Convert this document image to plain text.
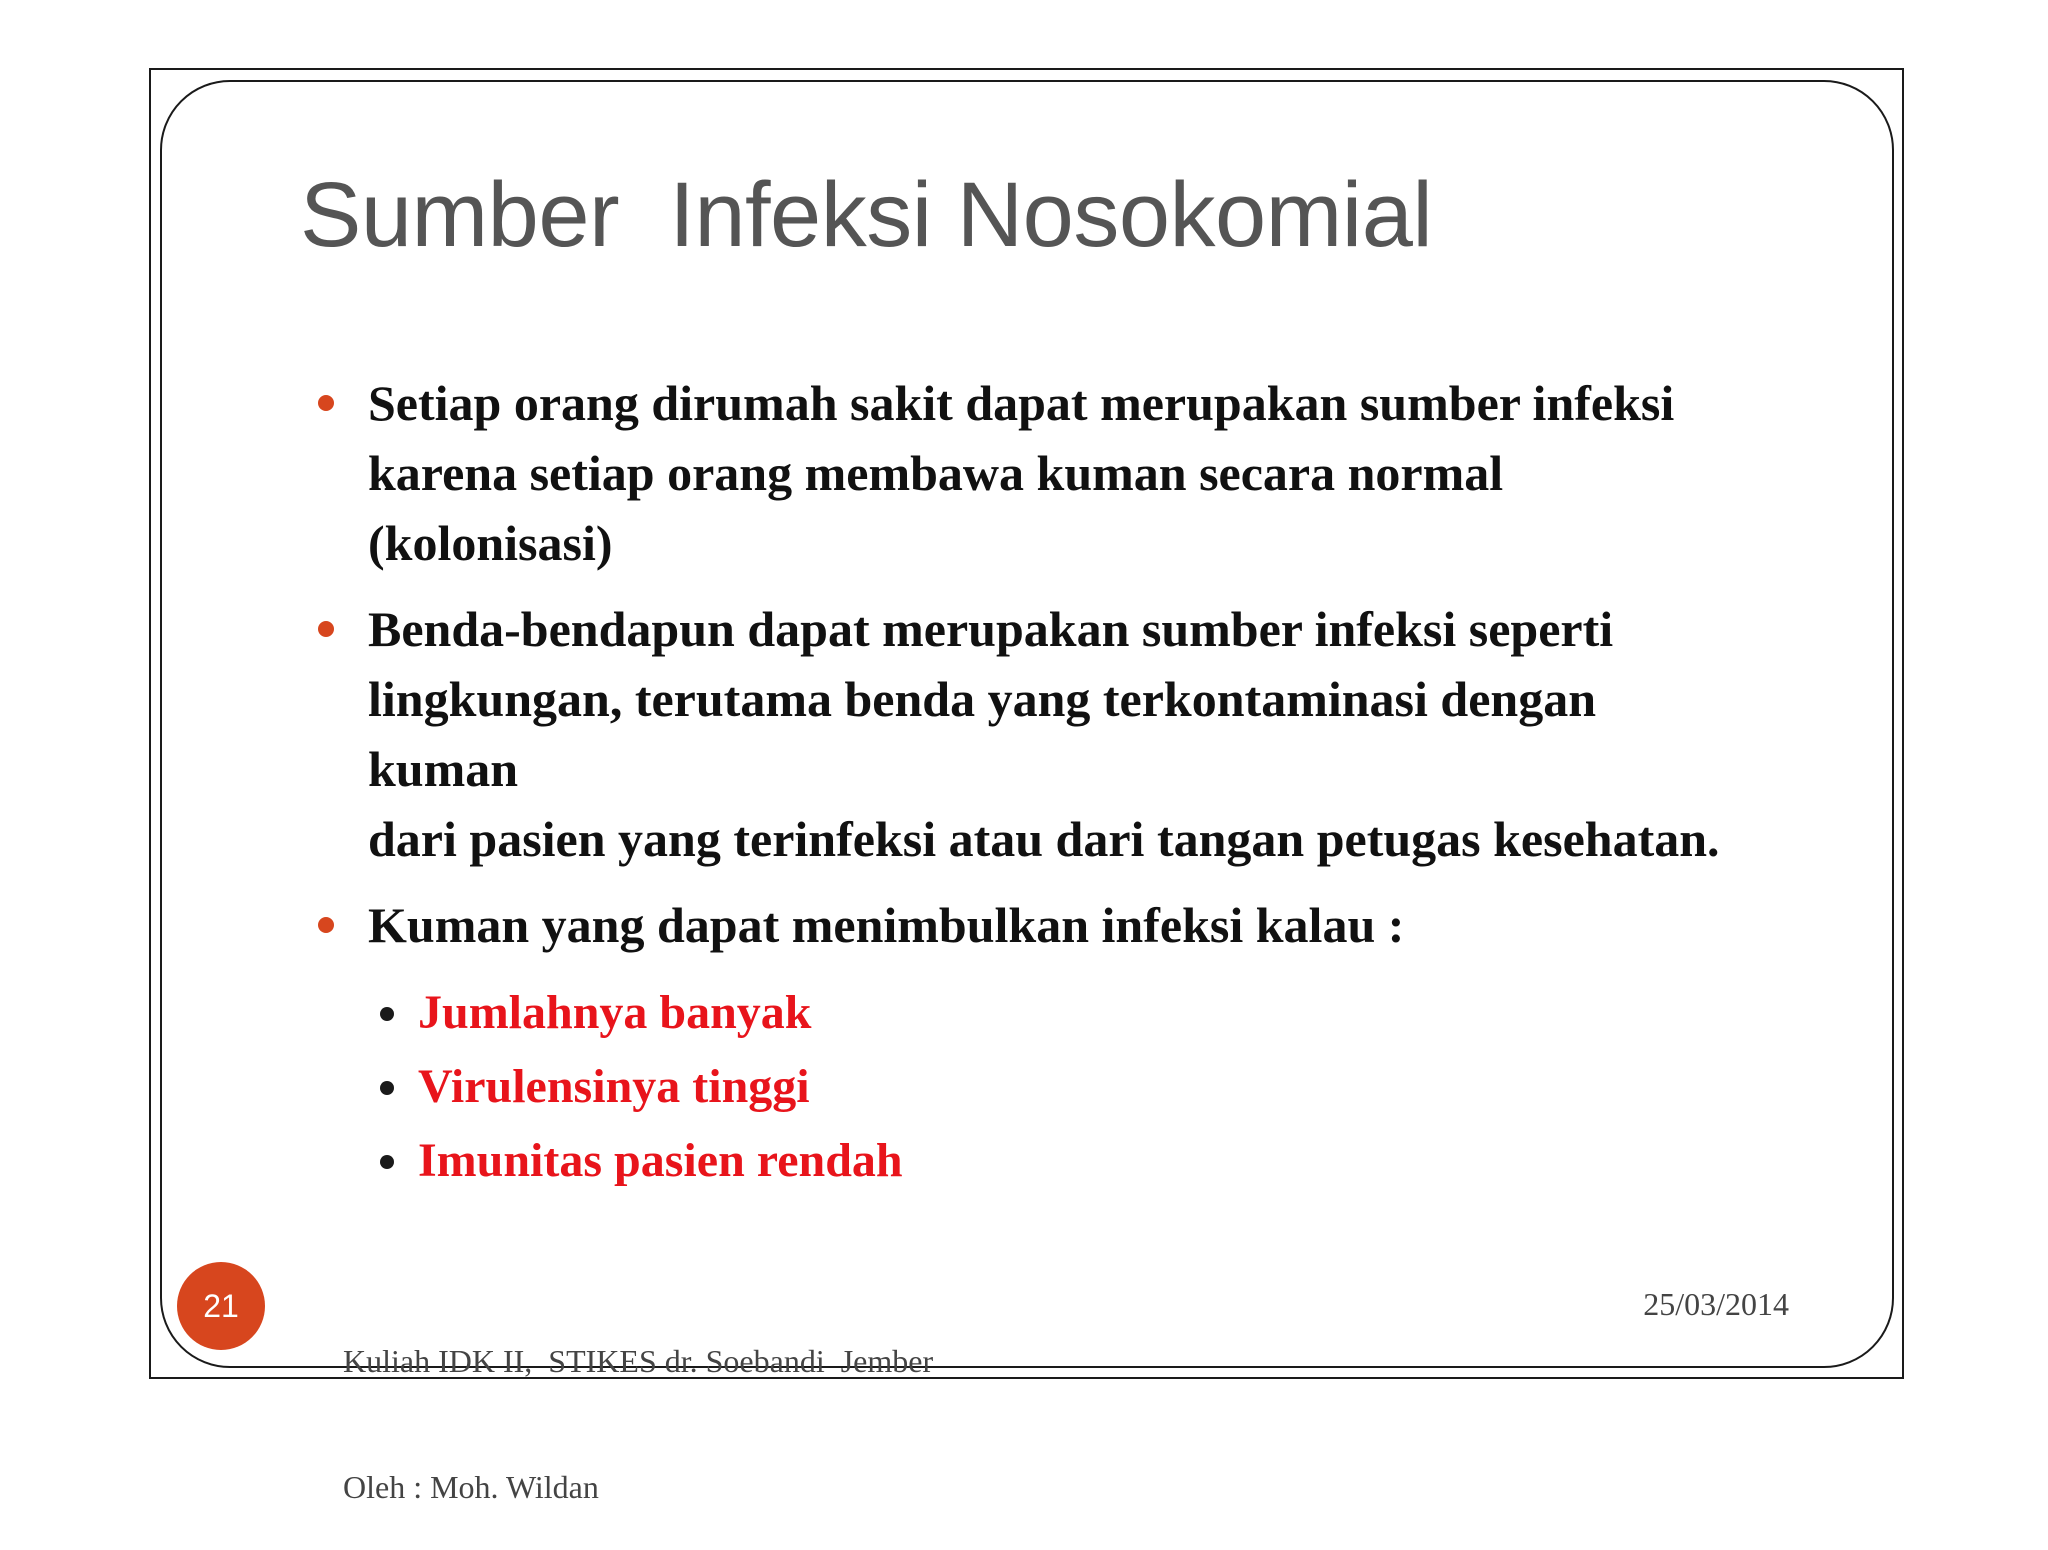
Sumber  Infeksi Nosokomial
Setiap orang dirumah sakit dapat merupakan sumber infeksi
karena setiap orang membawa kuman secara normal (kolonisasi)
Benda-bendapun dapat merupakan sumber infeksi seperti
lingkungan, terutama benda yang terkontaminasi dengan kuman
dari pasien yang terinfeksi atau dari tangan petugas kesehatan.
Kuman yang dapat menimbulkan infeksi kalau :
Jumlahnya banyak
Virulensinya tinggi
Imunitas pasien rendah
21

Kuliah IDK II,  STIKES dr. Soebandi  Jember

Oleh : Moh. Wildan

25/03/2014
